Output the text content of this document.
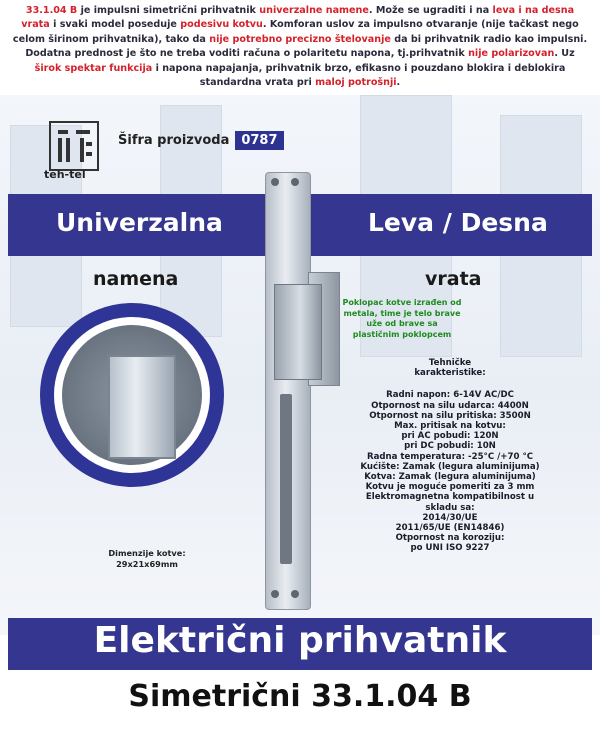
33.1.04 B je impulsni simetrični prihvatnik univerzalne namene. Može se ugraditi i na leva i na desna vrata i svaki model poseduje podesivu kotvu. Komforan uslov za impulsno otvaranje (nije tačkast nego celom širinom prihvatnika), tako da nije potrebno precizno štelovanje da bi prihvatnik radio kao impulsni. Dodatna prednost je što ne treba voditi računa o polaritetu napona, tj.prihvatnik nije polarizovan. Uz širok spektar funkcija i napona napajanja, prihvatnik brzo, efikasno i pouzdano blokira i deblokira standardna vrata pri maloj potrošnji.
teh-tel
Šifra proizvoda 0787
Univerzalna	Leva / Desna
namena	vrata
Poklopac kotve izrađen od metala, time je telo brave uže od brave sa plastičnim poklopcem
Tehničke karakteristike:
Radni napon: 6-14V AC/DC
Otpornost na silu udarca: 4400N
Otpornost na silu pritiska: 3500N
Max. pritisak na kotvu:
pri AC pobudi: 120N
pri DC pobudi: 10N
Radna temperatura: -25°C /+70 °C
Kućište: Zamak (legura aluminijuma)
Kotva: Zamak (legura aluminijuma)
Kotvu je moguće pomeriti za 3 mm
Elektromagnetna kompatibilnost u
skladu sa:
2014/30/UE
2011/65/UE (EN14846)
Otpornost na koroziju:
po UNI ISO 9227
Dimenzije kotve:
29x21x69mm
Električni prihvatnik
Simetrični 33.1.04 B
